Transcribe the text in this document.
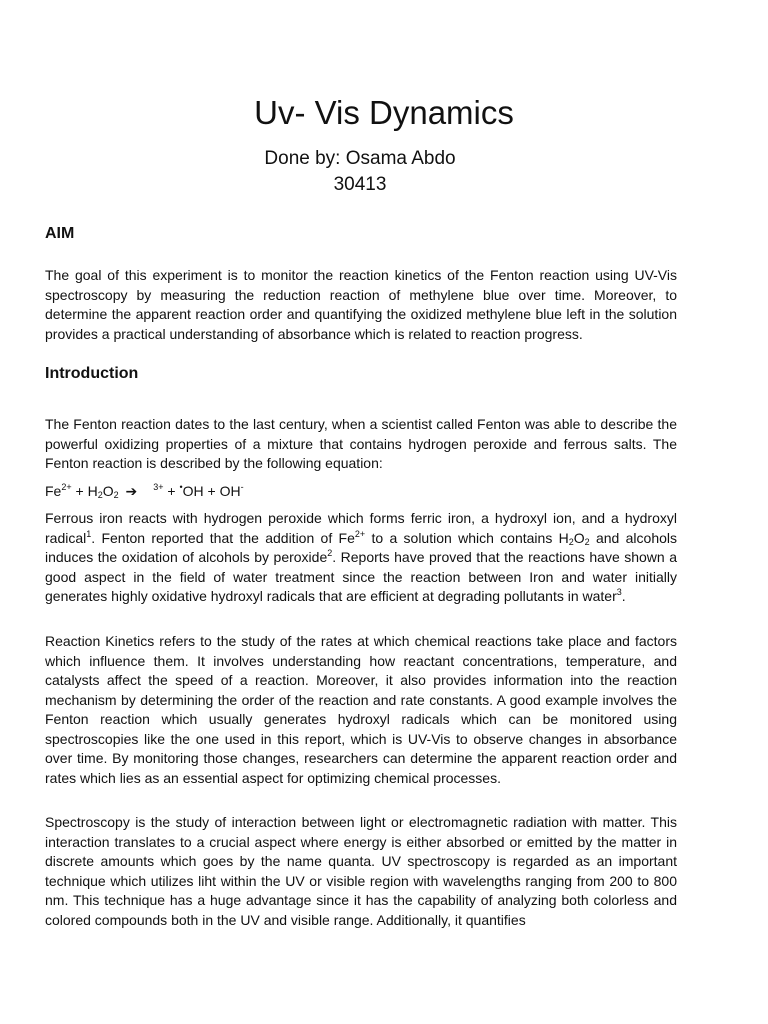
Uv- Vis Dynamics
Done by: Osama Abdo
30413
AIM

The goal of this experiment is to monitor the reaction kinetics of the Fenton reaction using UV-Vis spectroscopy by measuring the reduction reaction of methylene blue over time. Moreover, to determine the apparent reaction order and quantifying the oxidized methylene blue left in the solution provides a practical understanding of absorbance which is related to reaction progress.

Introduction

The Fenton reaction dates to the last century, when a scientist called Fenton was able to describe the powerful oxidizing properties of a mixture that contains hydrogen peroxide and ferrous salts. The Fenton reaction is described by the following equation:

$Fe^{2+} + H_2O_2$ ➔ $^{3+}$ + •OH + OH-

Ferrous iron reacts with hydrogen peroxide which forms ferric iron, a hydroxyl ion, and a hydroxyl radical$^1$. Fenton reported that the addition of $Fe^{2+}$ to a solution which contains $H_2O_2$ and alcohols induces the oxidation of alcohols by peroxide$^2$. Reports have proved that the reactions have shown a good aspect in the field of water treatment since the reaction between Iron and water initially generates highly oxidative hydroxyl radicals that are efficient at degrading pollutants in water$^3$.

Reaction Kinetics refers to the study of the rates at which chemical reactions take place and factors which influence them. It involves understanding how reactant concentrations, temperature, and catalysts affect the speed of a reaction. Moreover, it also provides information into the reaction mechanism by determining the order of the reaction and rate constants. A good example involves the Fenton reaction which usually generates hydroxyl radicals which can be monitored using spectroscopies like the one used in this report, which is UV-Vis to observe changes in absorbance over time. By monitoring those changes, researchers can determine the apparent reaction order and rates which lies as an essential aspect for optimizing chemical processes.

Spectroscopy is the study of interaction between light or electromagnetic radiation with matter. This interaction translates to a crucial aspect where energy is either absorbed or emitted by the matter in discrete amounts which goes by the name quanta. UV spectroscopy is regarded as an important technique which utilizes liht within the UV or visible region with wavelengths ranging from 200 to 800 nm. This technique has a huge advantage since it has the capability of analyzing both colorless and colored compounds both in the UV and visible range. Additionally, it quantifies
